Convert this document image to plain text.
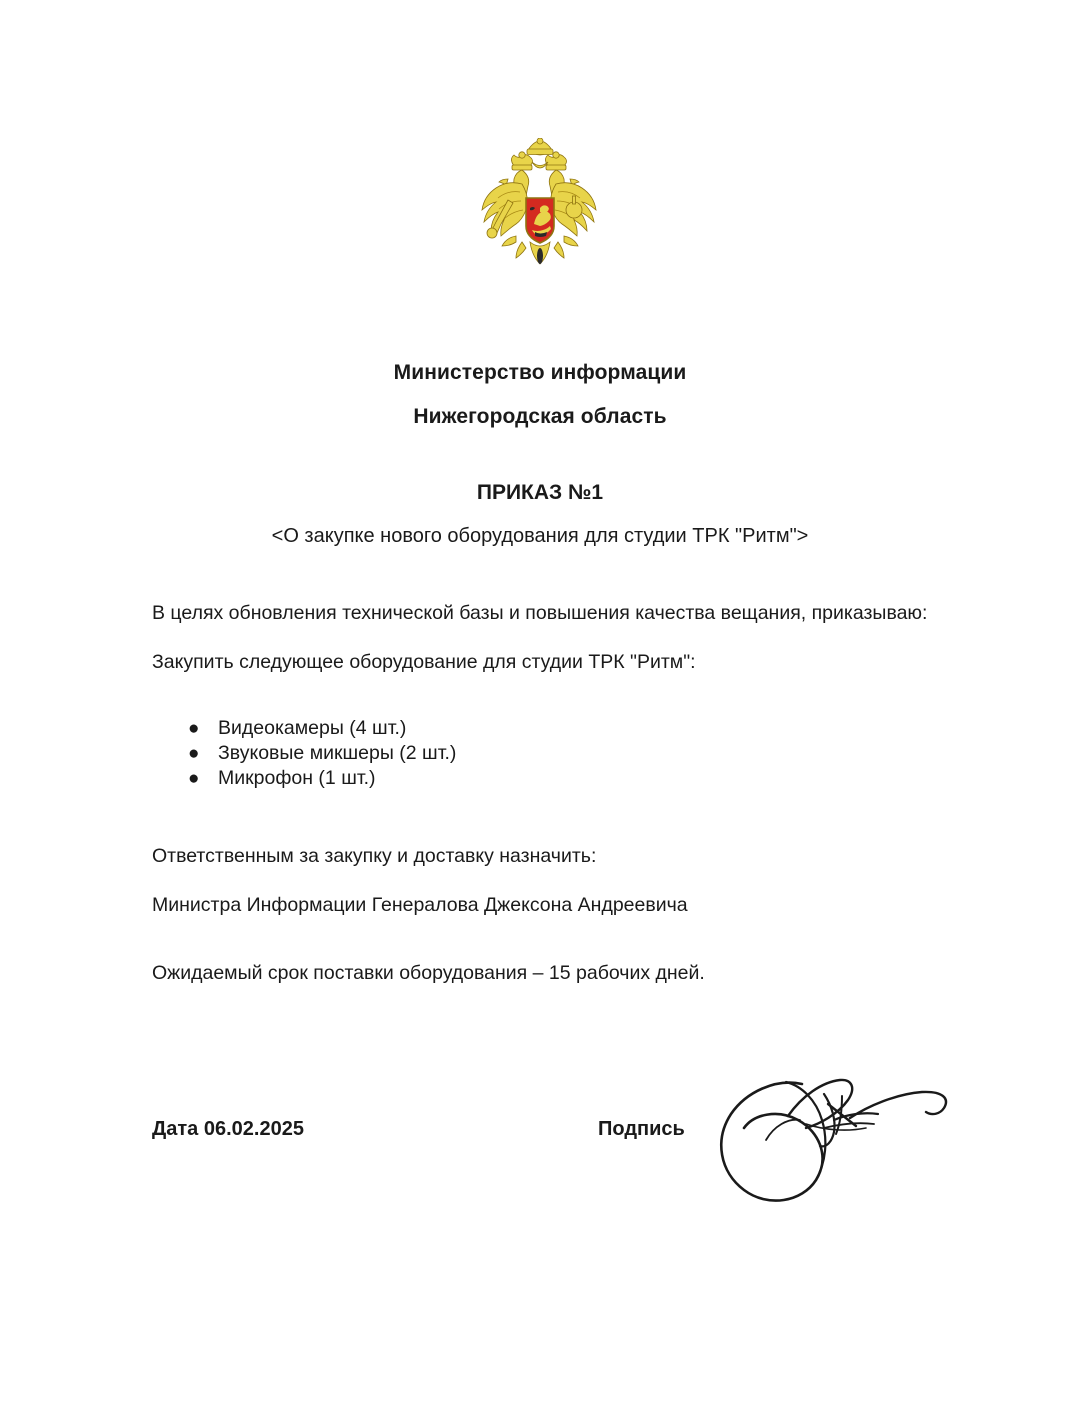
Министерство информации
Нижегородская область
ПРИКАЗ №1
<О закупке нового оборудования для студии ТРК "Ритм">

В целях обновления технической базы и повышения качества вещания, приказываю:

Закупить следующее оборудование для студии ТРК "Ритм":

● Видеокамеры (4 шт.)
● Звуковые микшеры (2 шт.)
● Микрофон (1 шт.)

Ответственным за закупку и доставку назначить:

Министра Информации Генералова Джексона Андреевича

Ожидаемый срок поставки оборудования – 15 рабочих дней.

Дата 06.02.2025	Подпись
